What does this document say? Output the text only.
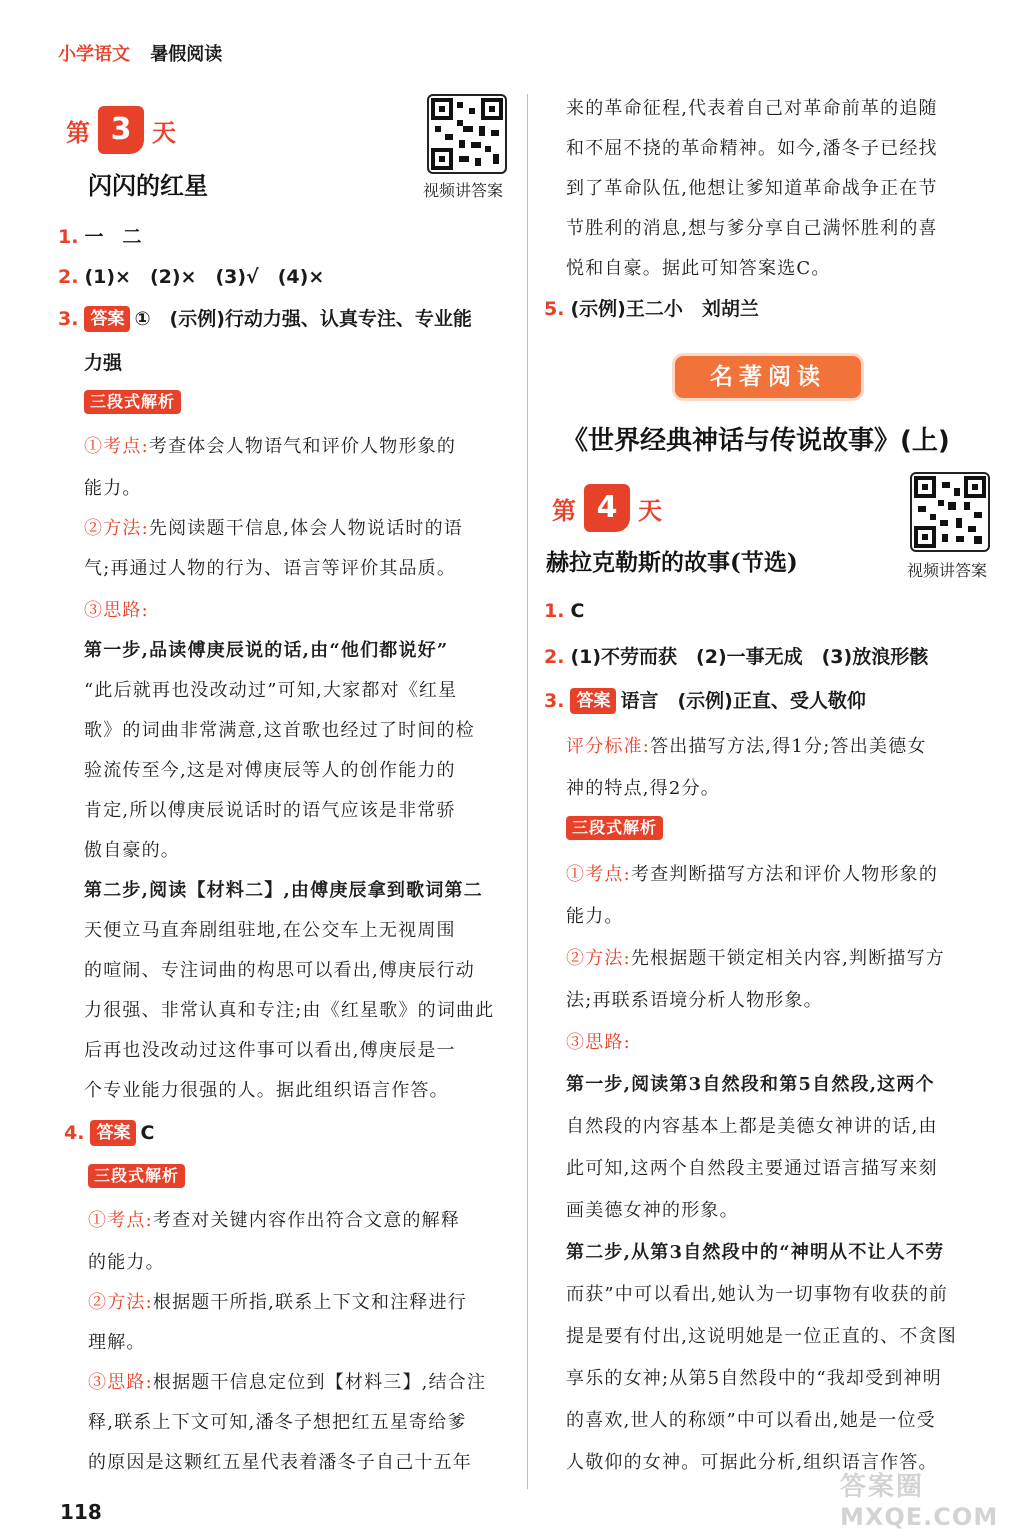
小学语文 暑假阅读
第 3 天
视频讲答案
闪闪的红星
1. 一　二
2. (1)×　(2)×　(3)√　(4)×
3. 答案 ①　(示例)行动力强、认真专注、专业能
力强
三段式解析
①考点:考查体会人物语气和评价人物形象的
能力。
②方法:先阅读题干信息,体会人物说话时的语
气;再通过人物的行为、语言等评价其品质。
③思路:
第一步,品读傅庚辰说的话,由“他们都说好”
“此后就再也没改动过”可知,大家都对《红星
歌》的词曲非常满意,这首歌也经过了时间的检
验流传至今,这是对傅庚辰等人的创作能力的
肯定,所以傅庚辰说话时的语气应该是非常骄
傲自豪的。
第二步,阅读【材料二】,由傅庚辰拿到歌词第二
天便立马直奔剧组驻地,在公交车上无视周围
的喧闹、专注词曲的构思可以看出,傅庚辰行动
力很强、非常认真和专注;由《红星歌》的词曲此
后再也没改动过这件事可以看出,傅庚辰是一
个专业能力很强的人。据此组织语言作答。
4. 答案 C
三段式解析
①考点:考查对关键内容作出符合文意的解释
的能力。
②方法:根据题干所指,联系上下文和注释进行
理解。
③思路:根据题干信息定位到【材料三】,结合注
释,联系上下文可知,潘冬子想把红五星寄给爹
的原因是这颗红五星代表着潘冬子自己十五年
来的革命征程,代表着自己对革命前革的追随
和不屈不挠的革命精神。如今,潘冬子已经找
到了革命队伍,他想让爹知道革命战争正在节
节胜利的消息,想与爹分享自己满怀胜利的喜
悦和自豪。据此可知答案选C。
5. (示例)王二小　刘胡兰
名著阅读
《世界经典神话与传说故事》(上)
第 4 天
视频讲答案
赫拉克勒斯的故事(节选)
1. C
2. (1)不劳而获　(2)一事无成　(3)放浪形骸
3. 答案 语言　(示例)正直、受人敬仰
评分标准:答出描写方法,得1分;答出美德女
神的特点,得2分。
三段式解析
①考点:考查判断描写方法和评价人物形象的
能力。
②方法:先根据题干锁定相关内容,判断描写方
法;再联系语境分析人物形象。
③思路:
第一步,阅读第3自然段和第5自然段,这两个
自然段的内容基本上都是美德女神讲的话,由
此可知,这两个自然段主要通过语言描写来刻
画美德女神的形象。
第二步,从第3自然段中的“神明从不让人不劳
而获”中可以看出,她认为一切事物有收获的前
提是要有付出,这说明她是一位正直的、不贪图
享乐的女神;从第5自然段中的“我却受到神明
的喜欢,世人的称颂”中可以看出,她是一位受
人敬仰的女神。可据此分析,组织语言作答。
118
答案圈
MXQE.COM
